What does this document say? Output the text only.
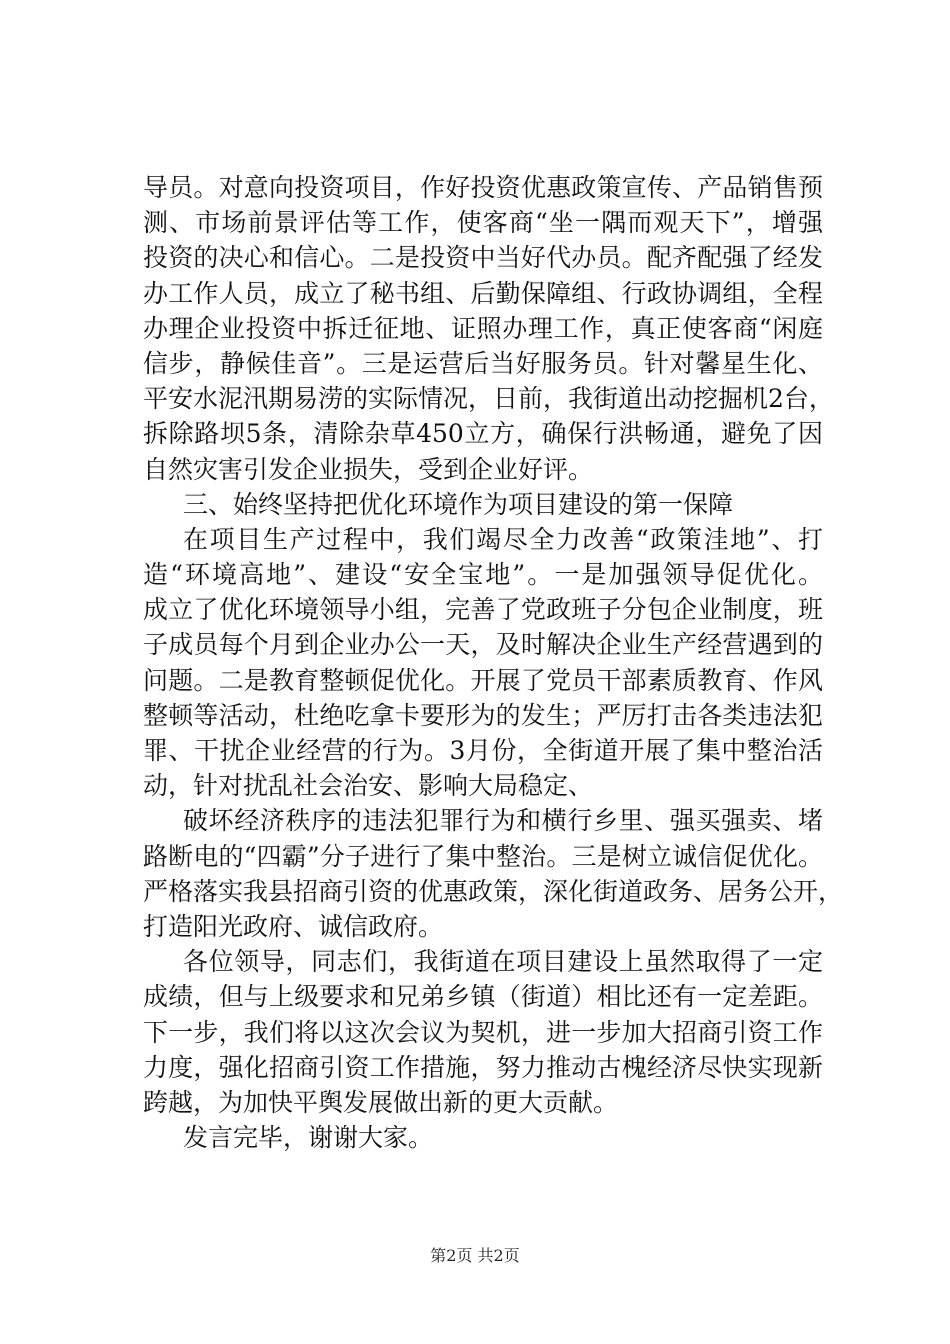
导员。对意向投资项目，作好投资优惠政策宣传、产品销售预
测、市场前景评估等工作，使客商“坐一隅而观天下”，增强
投资的决心和信心。二是投资中当好代办员。配齐配强了经发
办工作人员，成立了秘书组、后勤保障组、行政协调组，全程
办理企业投资中拆迁征地、证照办理工作，真正使客商“闲庭
信步，静候佳音”。三是运营后当好服务员。针对馨星生化、
平安水泥汛期易涝的实际情况，日前，我街道出动挖掘机2台，
拆除路坝5条，清除杂草450立方，确保行洪畅通，避免了因
自然灾害引发企业损失，受到企业好评。
三、始终坚持把优化环境作为项目建设的第一保障
在项目生产过程中，我们竭尽全力改善“政策洼地”、打
造“环境高地”、建设“安全宝地”。一是加强领导促优化。
成立了优化环境领导小组，完善了党政班子分包企业制度，班
子成员每个月到企业办公一天，及时解决企业生产经营遇到的
问题。二是教育整顿促优化。开展了党员干部素质教育、作风
整顿等活动，杜绝吃拿卡要形为的发生；严厉打击各类违法犯
罪、干扰企业经营的行为。3月份，全街道开展了集中整治活
动，针对扰乱社会治安、影响大局稳定、
破坏经济秩序的违法犯罪行为和横行乡里、强买强卖、堵
路断电的“四霸”分子进行了集中整治。三是树立诚信促优化。
严格落实我县招商引资的优惠政策，深化街道政务、居务公开，
打造阳光政府、诚信政府。
各位领导，同志们，我街道在项目建设上虽然取得了一定
成绩，但与上级要求和兄弟乡镇（街道）相比还有一定差距。
下一步，我们将以这次会议为契机，进一步加大招商引资工作
力度，强化招商引资工作措施，努力推动古槐经济尽快实现新
跨越，为加快平舆发展做出新的更大贡献。
发言完毕，谢谢大家。
第2页 共2页
